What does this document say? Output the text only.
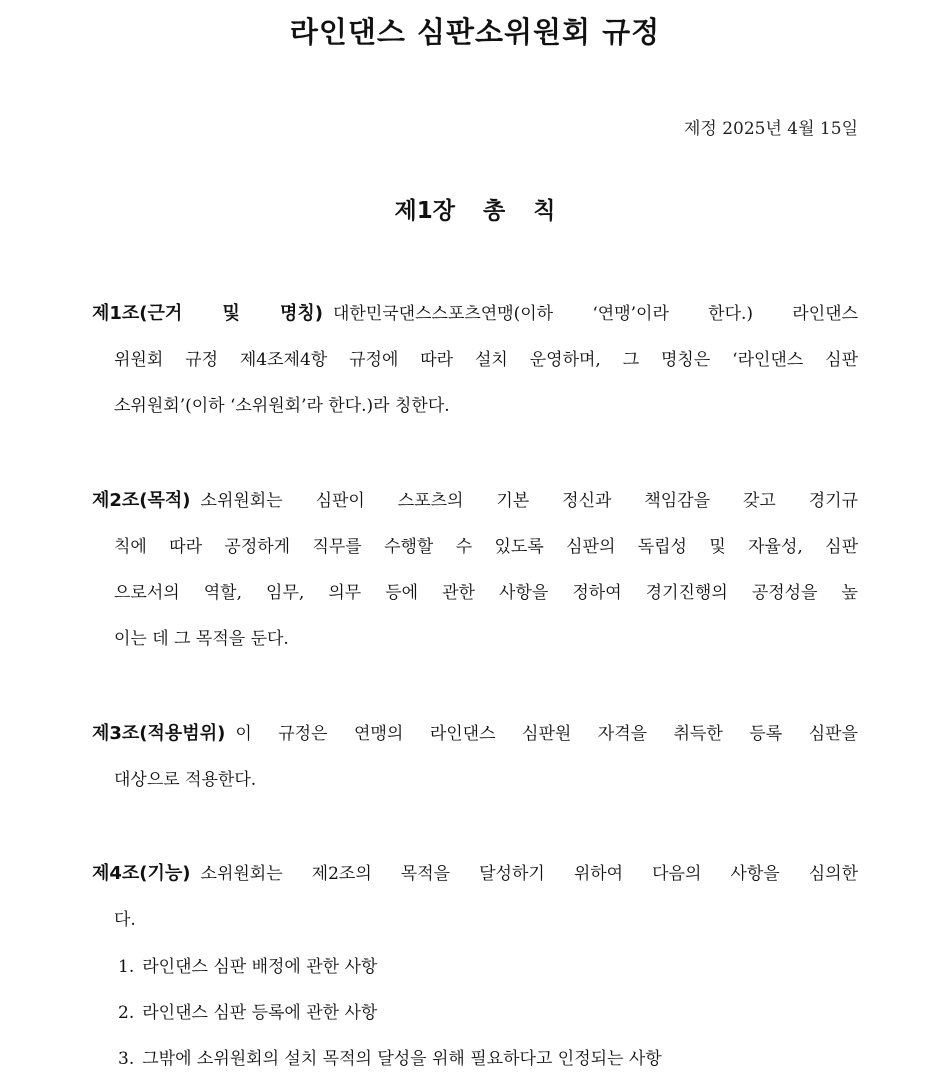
라인댄스 심판소위원회 규정
제정 2025년 4월 15일
제1장 총 칙
제1조(근거 및 명칭) 대한민국댄스스포츠연맹(이하 ‘연맹’이라 한다.) 라인댄스
위원회 규정 제4조제4항 규정에 따라 설치 운영하며, 그 명칭은 ‘라인댄스 심판
소위원회’(이하 ‘소위원회’라 한다.)라 칭한다.
제2조(목적) 소위원회는 심판이 스포츠의 기본 정신과 책임감을 갖고 경기규
칙에 따라 공정하게 직무를 수행할 수 있도록 심판의 독립성 및 자율성, 심판
으로서의 역할, 임무, 의무 등에 관한 사항을 정하여 경기진행의 공정성을 높
이는 데 그 목적을 둔다.
제3조(적용범위) 이 규정은 연맹의 라인댄스 심판원 자격을 취득한 등록 심판을
대상으로 적용한다.
제4조(기능) 소위원회는 제2조의 목적을 달성하기 위하여 다음의 사항을 심의한
다.
1. 라인댄스 심판 배정에 관한 사항
2. 라인댄스 심판 등록에 관한 사항
3. 그밖에 소위원회의 설치 목적의 달성을 위해 필요하다고 인정되는 사항
